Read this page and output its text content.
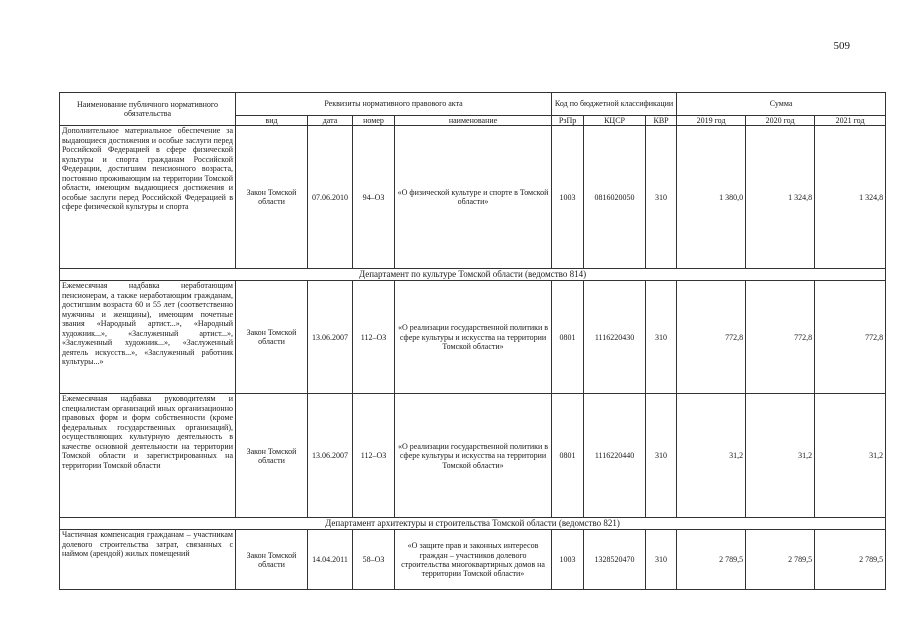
509
Наименование публичного нормативного обязательства	Реквизиты нормативного правового акта				Код по бюджетной классификации			Сумма		
	вид	дата	номер	наименование	РзПр	КЦСР	КВР	2019 год	2020 год	2021 год
Дополнительное материальное обеспечение за выдающиеся достижения и особые заслуги перед Российской Федерацией в сфере физической культуры и спорта гражданам Российской Федерации, достигшим пенсионного возраста, постоянно проживающим на территории Томской области, имеющим выдающиеся достижения и особые заслуги перед Российской Федерацией в сфере физической культуры и спорта	Закон Томской области	07.06.2010	94–ОЗ	«О физической культуре и спорте в Томской области»	1003	0816020050	310	1 380,0	1 324,8	1 324,8
Департамент по культуре Томской области (ведомство 814)										
Ежемесячная надбавка неработающим пенсионерам, а также неработающим гражданам, достигшим возраста 60 и 55 лет (соответственно мужчины и женщины), имеющим почетные звания «Народный артист...», «Народный художник...», «Заслуженный артист...», «Заслуженный художник...», «Заслуженный деятель искусств...», «Заслуженный работник культуры...»	Закон Томской области	13.06.2007	112–ОЗ	«О реализации государственной политики в сфере культуры и искусства на территории Томской области»	0801	1116220430	310	772,8	772,8	772,8
Ежемесячная надбавка руководителям и специалистам организаций иных организационно правовых форм и форм собственности (кроме федеральных государственных организаций), осуществляющих культурную деятельность в качестве основной деятельности на территории Томской области и зарегистрированных на территории Томской области	Закон Томской области	13.06.2007	112–ОЗ	«О реализации государственной политики в сфере культуры и искусства на территории Томской области»	0801	1116220440	310	31,2	31,2	31,2
Департамент архитектуры и строительства Томской области (ведомство 821)										
Частичная компенсация гражданам – участникам долевого строительства затрат, связанных с наймом (арендой) жилых помещений	Закон Томской области	14.04.2011	58–ОЗ	«О защите прав и законных интересов граждан – участников долевого строительства многоквартирных домов на территории Томской области»	1003	1328520470	310	2 789,5	2 789,5	2 789,5
